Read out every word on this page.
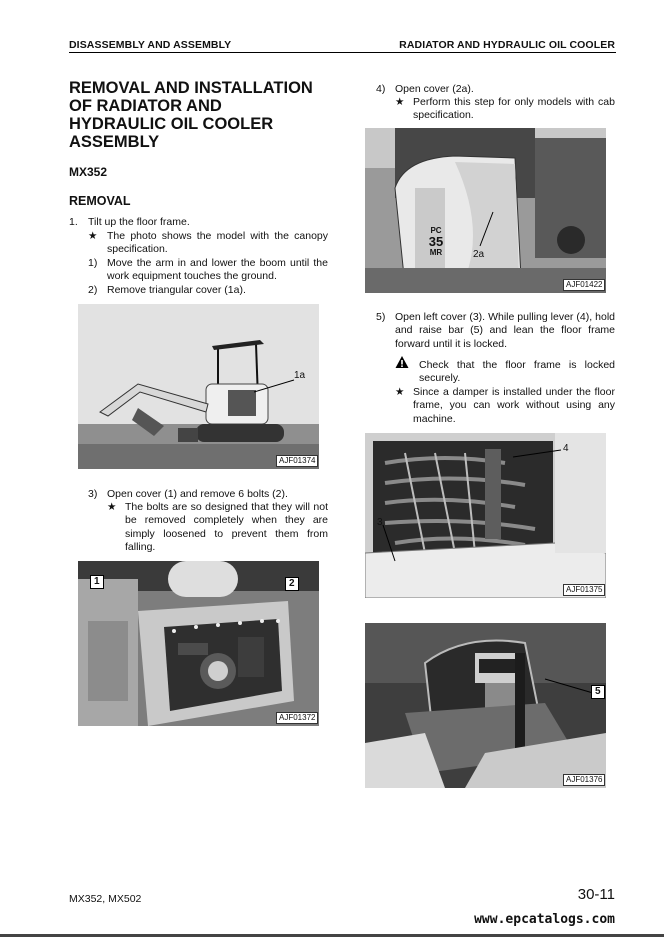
DISASSEMBLY AND ASSEMBLY	RADIATOR AND HYDRAULIC OIL COOLER
REMOVAL AND INSTALLATION
OF RADIATOR AND
HYDRAULIC OIL COOLER
ASSEMBLY
MX352
REMOVAL
1. Tilt up the floor frame.
★ The photo shows the model with the canopy specification.
1) Move the arm in and lower the boom until the work equipment touches the ground.
2) Remove triangular cover (1a).
1a
AJF01374
3) Open cover (1) and remove 6 bolts (2).
★ The bolts are so designed that they will not be removed completely when they are simply loosened to prevent them from falling.
1	2
AJF01372
4) Open cover (2a).
★ Perform this step for only models with cab specification.
PC
35
MR	2a
AJF01422
5) Open left cover (3). While pulling lever (4), hold and raise bar (5) and lean the floor frame forward until it is locked.
Check that the floor frame is locked securely.
★ Since a damper is installed under the floor frame, you can work without using any machine.
4
3
AJF01375
5
AJF01376
MX352, MX502	30-11
www.epcatalogs.com
